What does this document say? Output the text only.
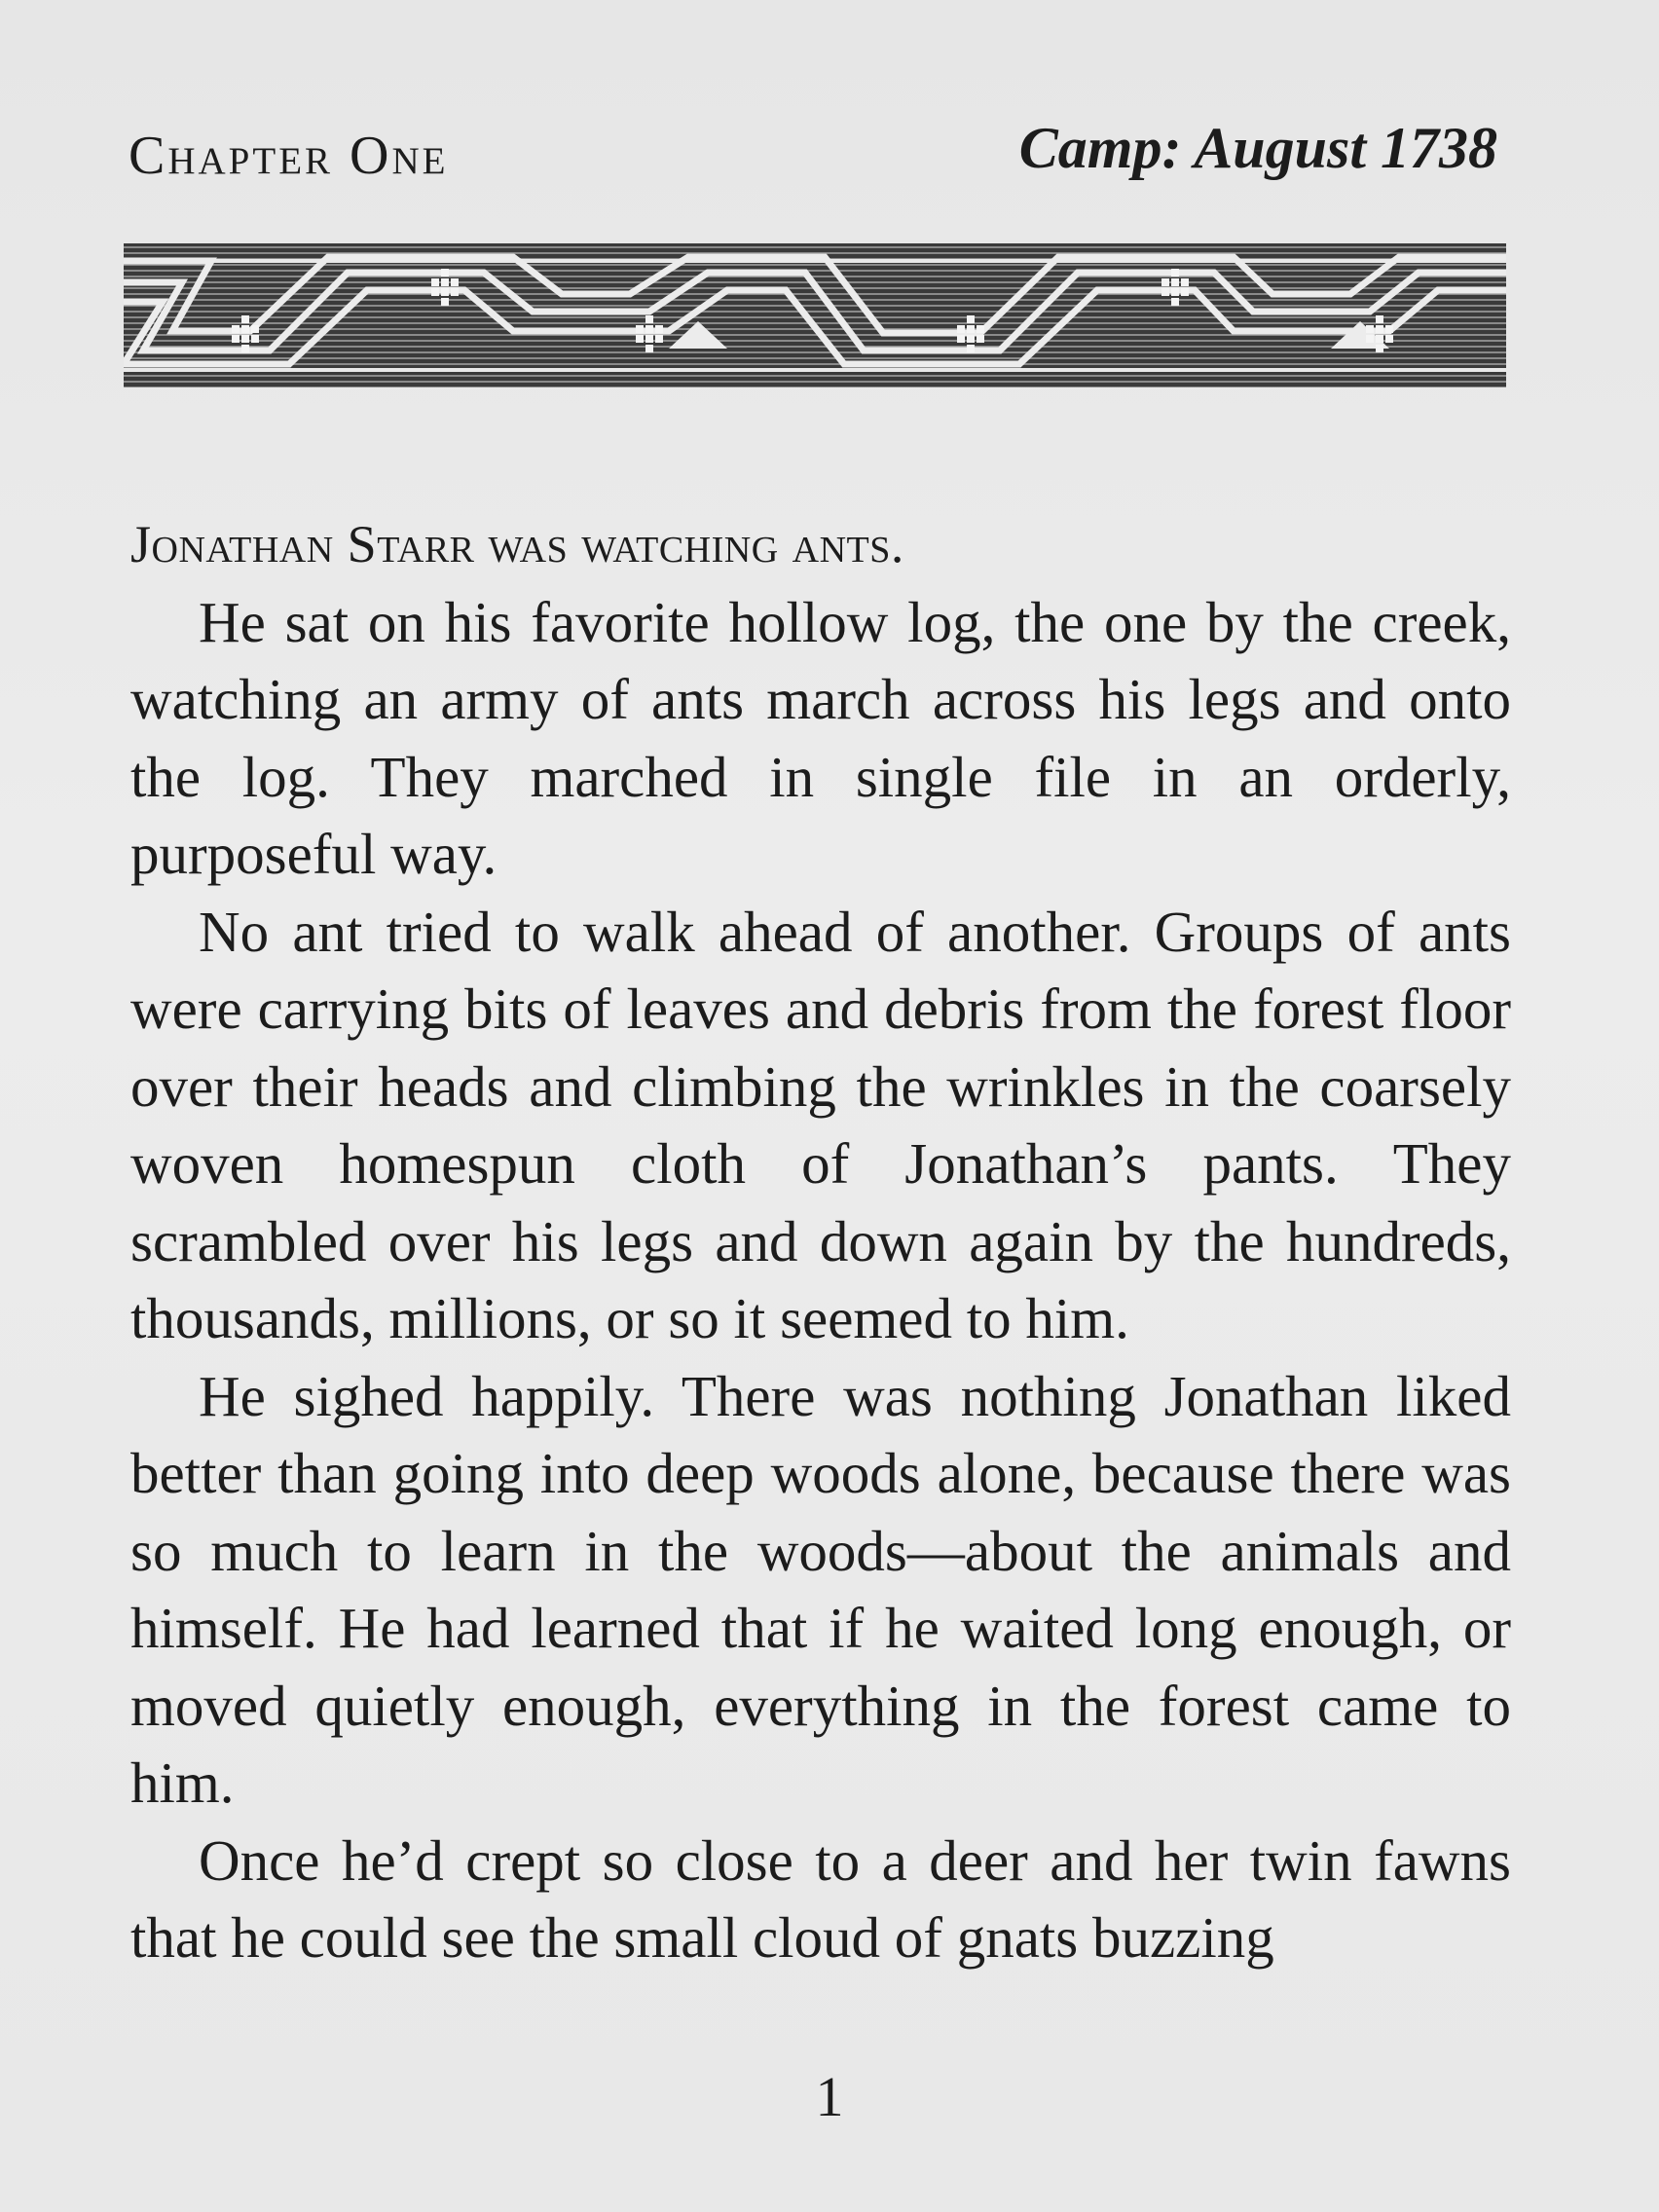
Chapter One	Camp: August 1738

Jonathan Starr was watching ants.

He sat on his favorite hollow log, the one by the creek, watching an army of ants march across his legs and onto the log. They marched in single file in an orderly, purposeful way.

No ant tried to walk ahead of another. Groups of ants were carrying bits of leaves and debris from the forest floor over their heads and climbing the wrinkles in the coarsely woven homespun cloth of Jonathan’s pants. They scrambled over his legs and down again by the hundreds, thousands, millions, or so it seemed to him.

He sighed happily. There was nothing Jonathan liked better than going into deep woods alone, because there was so much to learn in the woods—about the animals and himself. He had learned that if he waited long enough, or moved quietly enough, everything in the forest came to him.

Once he’d crept so close to a deer and her twin fawns that he could see the small cloud of gnats buzzing

1
